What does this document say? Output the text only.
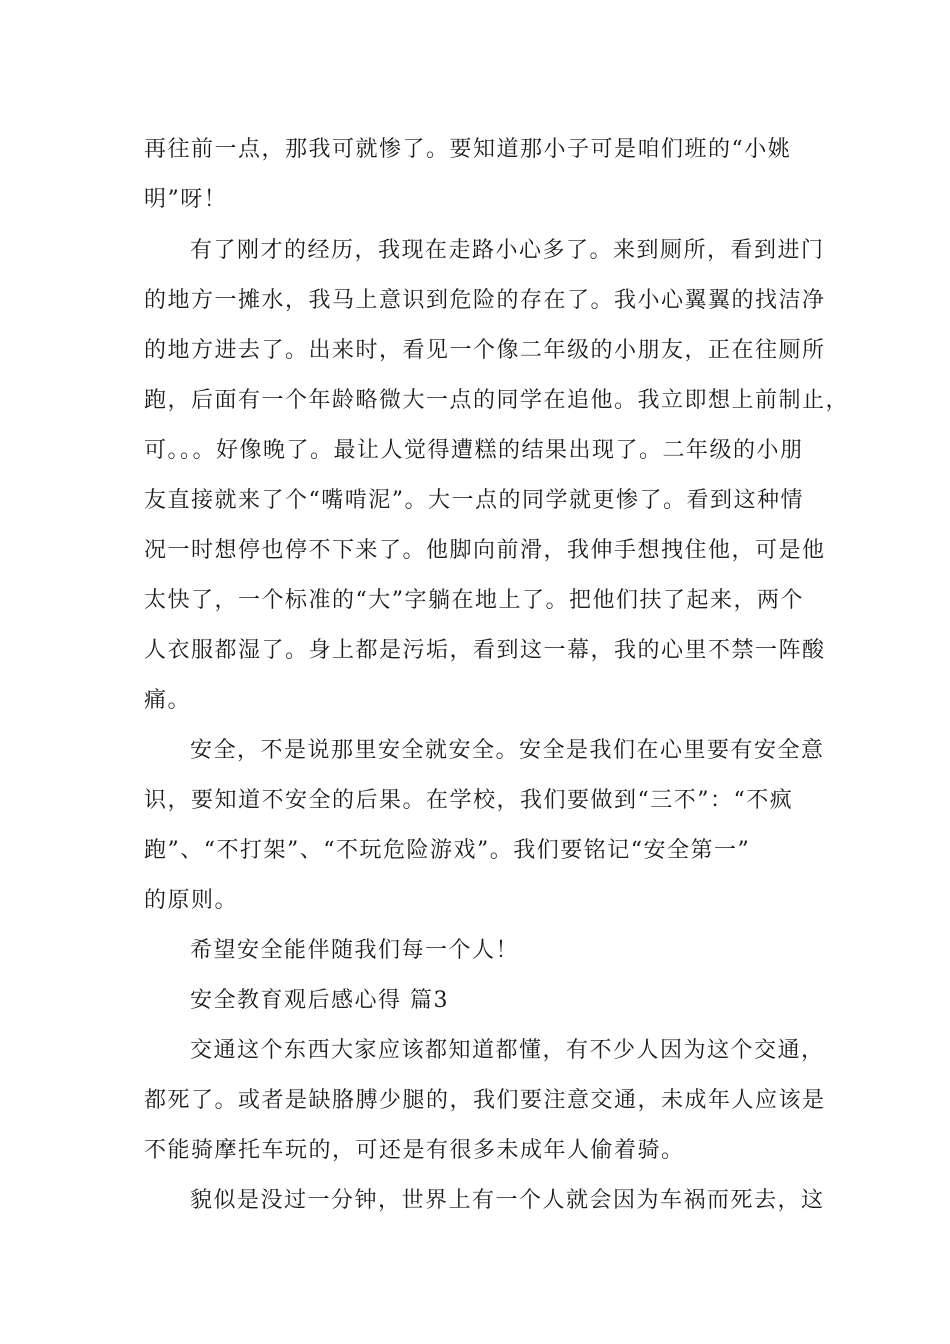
再往前一点，那我可就惨了。要知道那小子可是咱们班的“小姚
明”呀！
有了刚才的经历，我现在走路小心多了。来到厕所，看到进门
的地方一摊水，我马上意识到危险的存在了。我小心翼翼的找洁净
的地方进去了。出来时，看见一个像二年级的小朋友，正在往厕所
跑，后面有一个年龄略微大一点的同学在追他。我立即想上前制止，
可。。。好像晚了。最让人觉得遭糕的结果出现了。二年级的小朋
友直接就来了个“嘴啃泥”。大一点的同学就更惨了。看到这种情
况一时想停也停不下来了。他脚向前滑，我伸手想拽住他，可是他
太快了，一个标准的“大”字躺在地上了。把他们扶了起来，两个
人衣服都湿了。身上都是污垢，看到这一幕，我的心里不禁一阵酸
痛。
安全，不是说那里安全就安全。安全是我们在心里要有安全意
识，要知道不安全的后果。在学校，我们要做到“三不”：“不疯
跑”、“不打架”、“不玩危险游戏”。我们要铭记“安全第一”
的原则。
希望安全能伴随我们每一个人！
安全教育观后感心得 篇3
交通这个东西大家应该都知道都懂，有不少人因为这个交通，
都死了。或者是缺胳膊少腿的，我们要注意交通，未成年人应该是
不能骑摩托车玩的，可还是有很多未成年人偷着骑。
貌似是没过一分钟，世界上有一个人就会因为车祸而死去，这
